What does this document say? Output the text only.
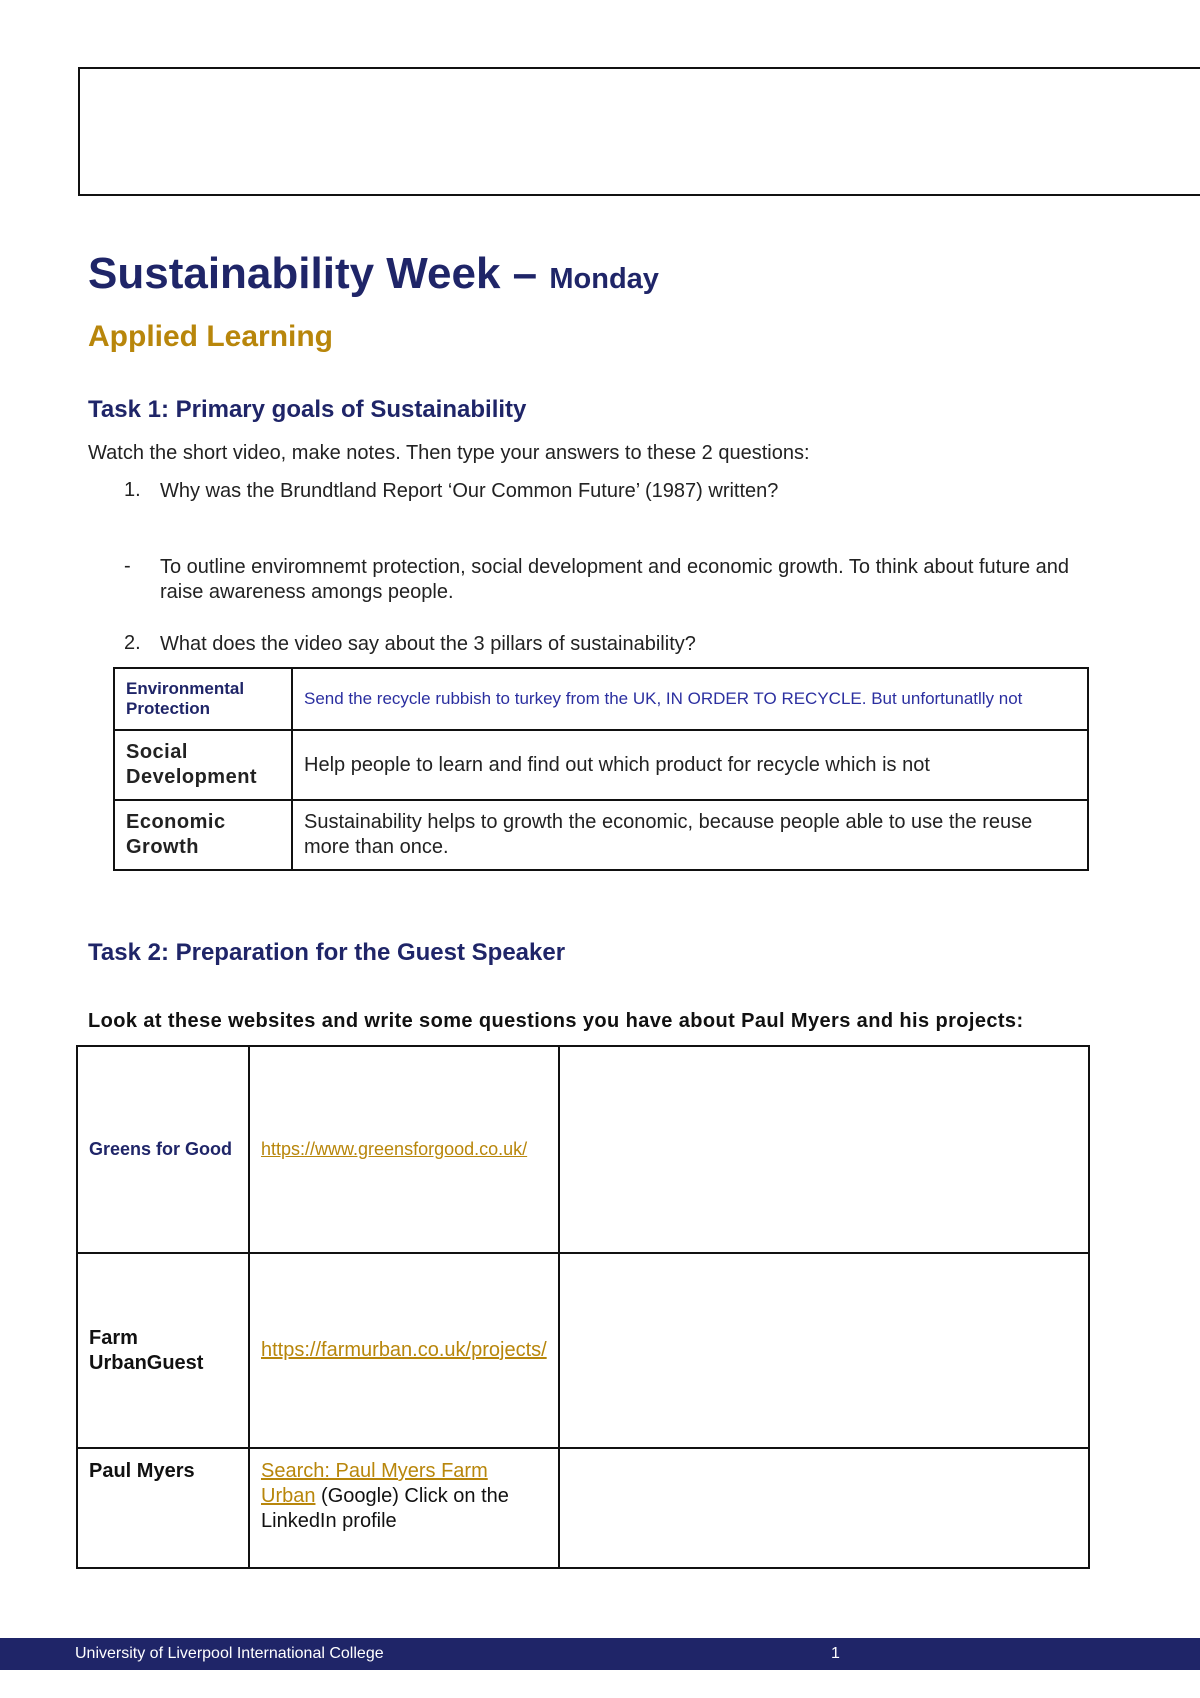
Sustainability Week – Monday
Applied Learning
Task 1: Primary goals of Sustainability

Watch the short video, make notes. Then type your answers to these 2 questions:

1. Why was the Brundtland Report ‘Our Common Future’ (1987) written?
- To outline enviromnemt protection, social development and economic growth. To think about future and raise awareness amongs people.
2. What does the video say about the 3 pillars of sustainability?
Environmental Protection	Send the recycle rubbish to turkey from the UK, IN ORDER TO RECYCLE. But unfortunatlly not
Social Development	Help people to learn and find out which product for recycle which is not
Economic Growth	Sustainability helps to growth the economic, because people able to use the reuse more than once.
Task 2: Preparation for the Guest Speaker

Look at these websites and write some questions you have about Paul Myers and his projects:

Greens for Good	https://www.greensforgood.co.uk/	
Farm UrbanGuest	https://farmurban.co.uk/projects/	
Paul Myers	Search: Paul Myers Farm Urban (Google) Click on the LinkedIn profile	
University of Liverpool International College	1
